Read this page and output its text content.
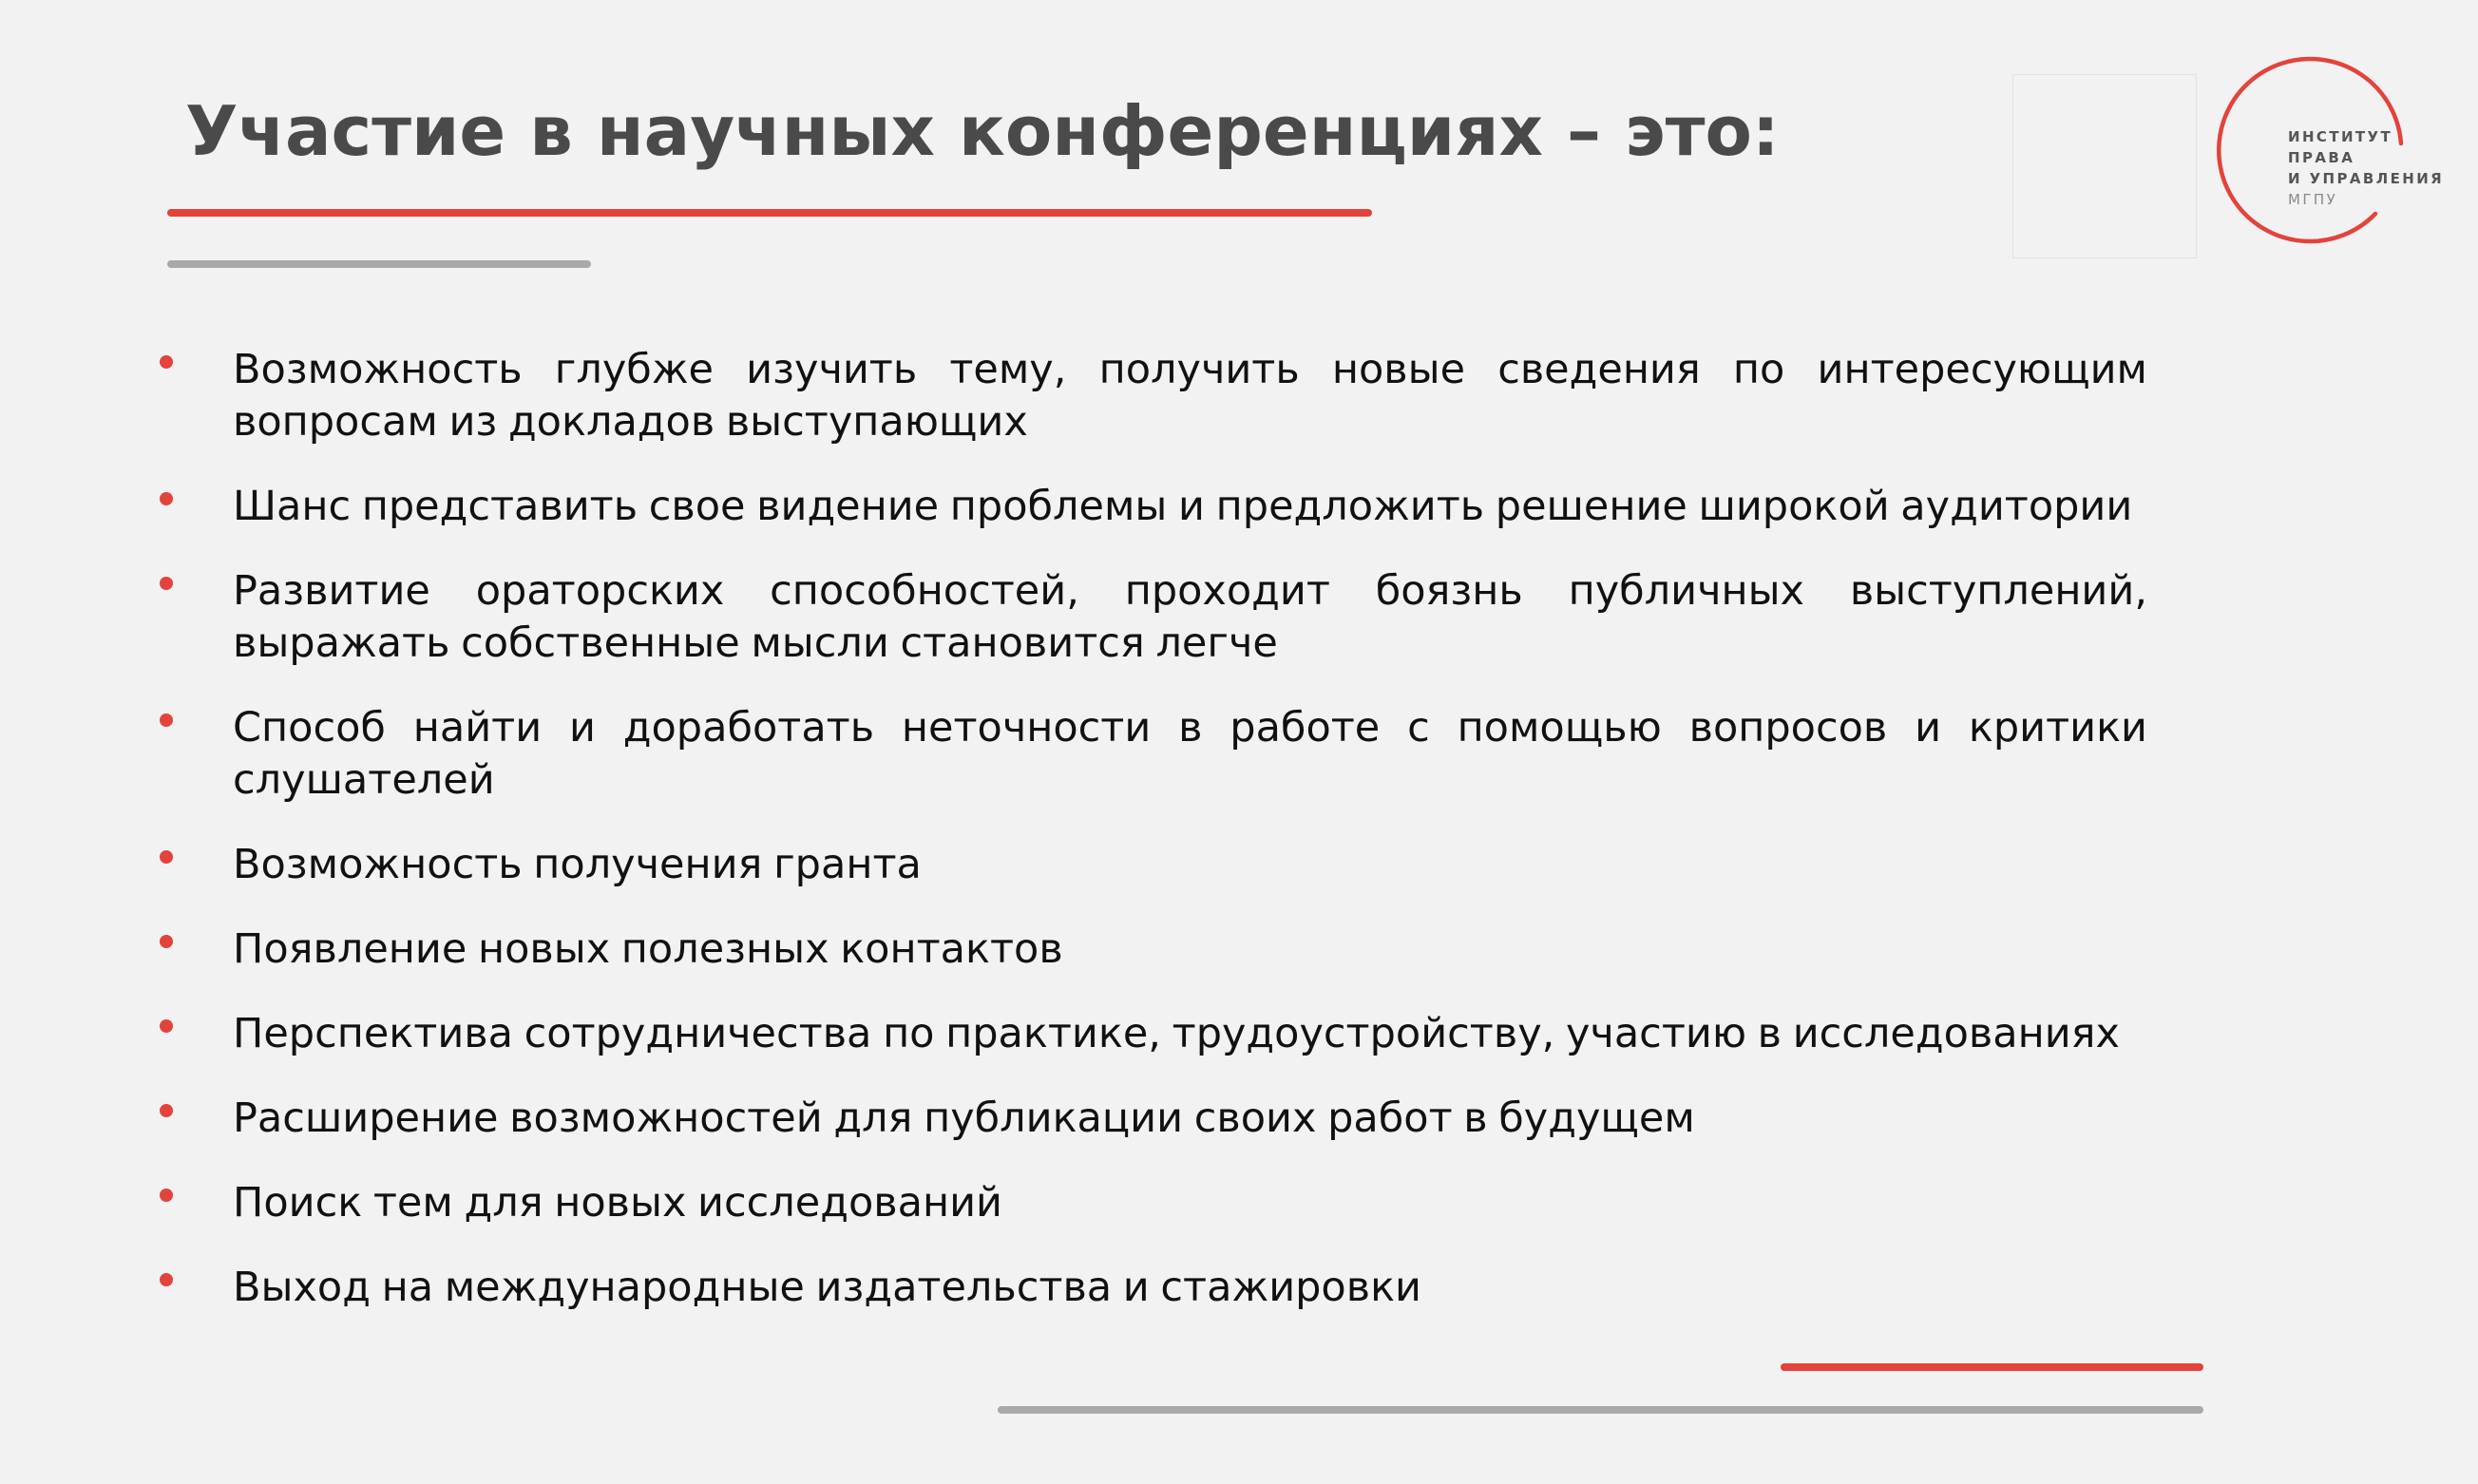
Участие в научных конференциях – это:	ИНСТИТУТ
ПРАВА
И УПРАВЛЕНИЯ
МГПУ
Возможность глубже изучить тему, получить новые сведения по интересующим вопросам из докладов выступающих
Шанс представить свое видение проблемы и предложить решение широкой аудитории
Развитие ораторских способностей, проходит боязнь публичных выступлений, выражать собственные мысли становится легче
Способ найти и доработать неточности в работе с помощью вопросов и критики слушателей
Возможность получения гранта
Появление новых полезных контактов
Перспектива сотрудничества по практике, трудоустройству, участию в исследованиях
Расширение возможностей для публикации своих работ в будущем
Поиск тем для новых исследований
Выход на международные издательства и стажировки
